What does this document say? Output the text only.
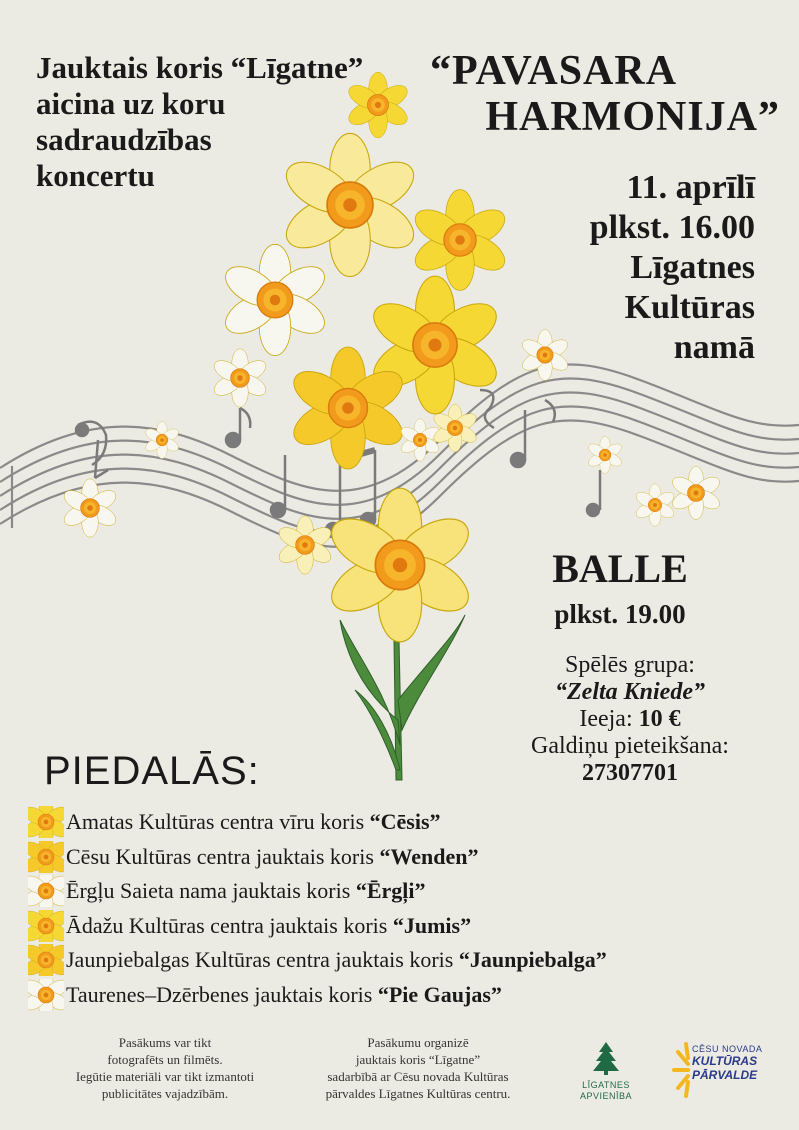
Jauktais koris “Līgatne”
aicina uz koru
sadraudzības
koncertu
“PAVASARA
HARMONIJA”
11. aprīlī
plkst. 16.00
Līgatnes
Kultūras
namā
BALLE
plkst. 19.00
Spēlēs grupa:
“Zelta Kniede”
Ieeja: 10 €
Galdiņu pieteikšana:
27307701
PIEDALĀS:
Amatas Kultūras centra vīru koris
“Cēsis”
Cēsu Kultūras centra jauktais koris
“Wenden”
Ērgļu Saieta nama jauktais koris
“Ērgļi”
Ādažu Kultūras centra jauktais koris
“Jumis”
Jaunpiebalgas Kultūras centra jauktais koris
“Jaunpiebalga”
Taurenes–Dzērbenes jauktais koris
“Pie Gaujas”
Pasākums var tikt
fotografēts un filmēts.
Iegūtie materiāli var tikt izmantoti
publicitātes vajadzībām.
Pasākumu organizē
jauktais koris “Līgatne”
sadarbībā ar Cēsu novada Kultūras
pārvaldes Līgatnes Kultūras centru.
LĪGATNES
APVIENĪBA
CĒSU NOVADA
KULTŪRAS
PĀRVALDE
